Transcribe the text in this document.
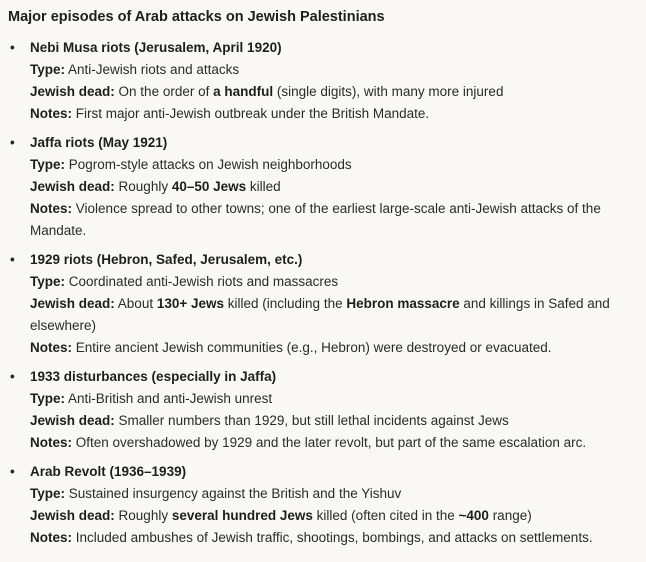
Major episodes of Arab attacks on Jewish Palestinians
• Nebi Musa riots (Jerusalem, April 1920)
Type: Anti-Jewish riots and attacks
Jewish dead: On the order of a handful (single digits), with many more injured
Notes: First major anti-Jewish outbreak under the British Mandate.
• Jaffa riots (May 1921)
Type: Pogrom-style attacks on Jewish neighborhoods
Jewish dead: Roughly 40–50 Jews killed
Notes: Violence spread to other towns; one of the earliest large-scale anti-Jewish attacks of the Mandate.
• 1929 riots (Hebron, Safed, Jerusalem, etc.)
Type: Coordinated anti-Jewish riots and massacres
Jewish dead: About 130+ Jews killed (including the Hebron massacre and killings in Safed and elsewhere)
Notes: Entire ancient Jewish communities (e.g., Hebron) were destroyed or evacuated.
• 1933 disturbances (especially in Jaffa)
Type: Anti-British and anti-Jewish unrest
Jewish dead: Smaller numbers than 1929, but still lethal incidents against Jews
Notes: Often overshadowed by 1929 and the later revolt, but part of the same escalation arc.
• Arab Revolt (1936–1939)
Type: Sustained insurgency against the British and the Yishuv
Jewish dead: Roughly several hundred Jews killed (often cited in the ~400 range)
Notes: Included ambushes of Jewish traffic, shootings, bombings, and attacks on settlements.
